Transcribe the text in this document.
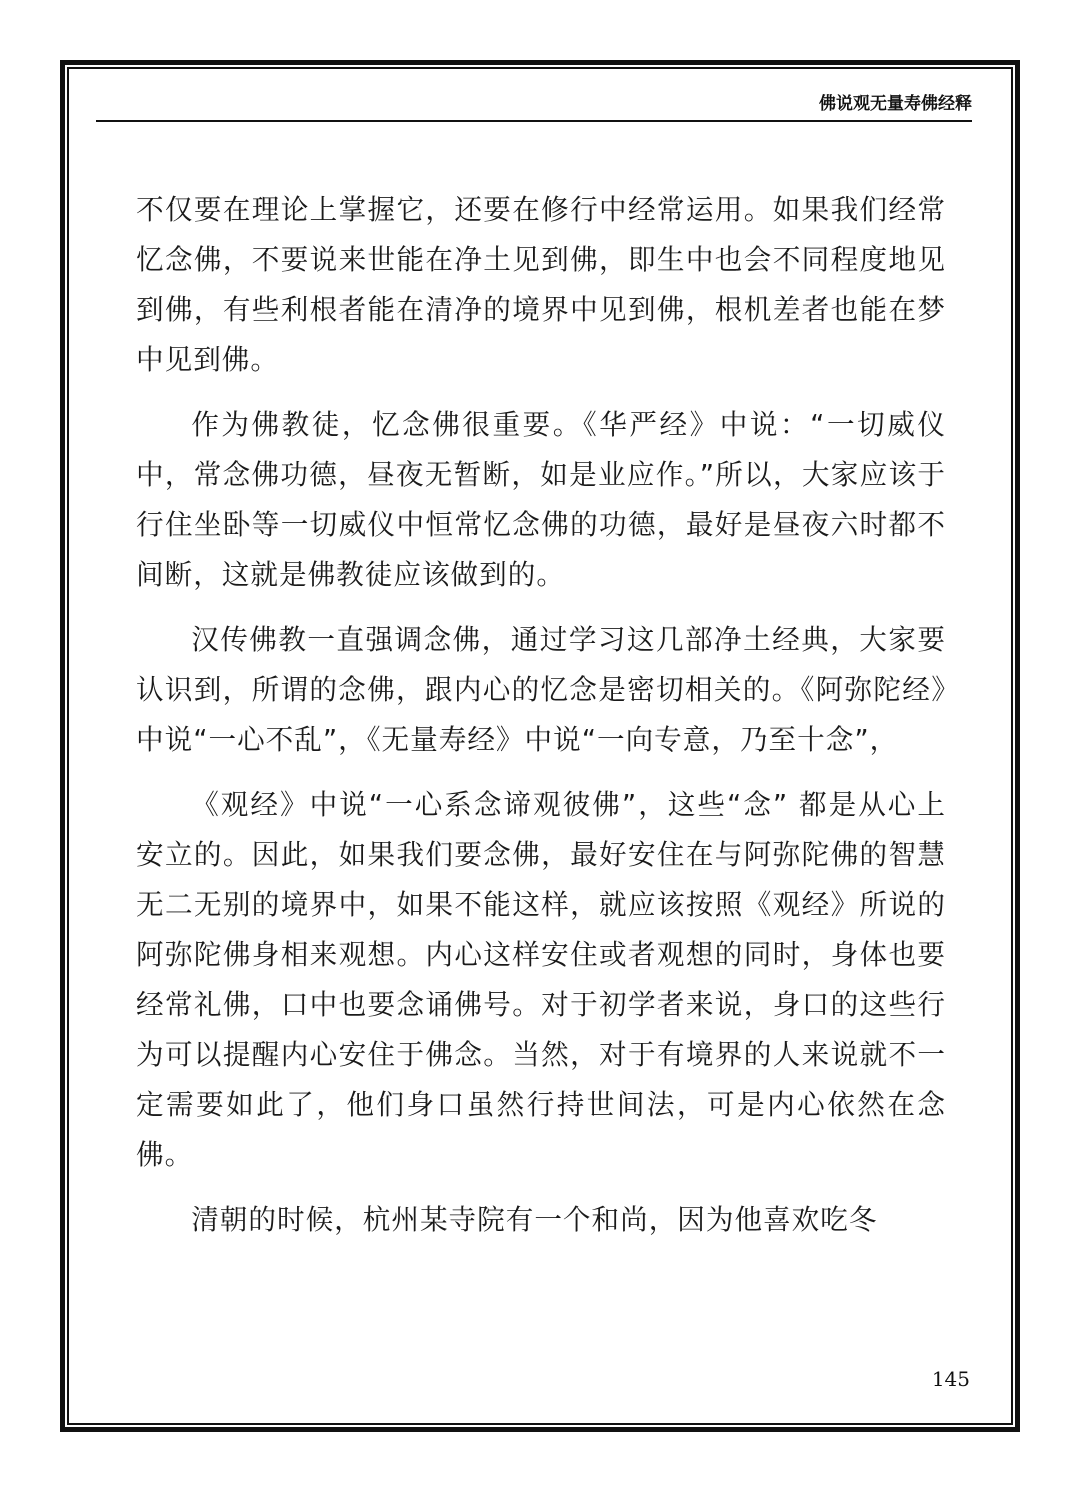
佛说观无量寿佛经释

不仅要在理论上掌握它，还要在修行中经常运用。如果我们经常忆念佛，不要说来世能在净土见到佛，即生中也会不同程度地见到佛，有些利根者能在清净的境界中见到佛，根机差者也能在梦中见到佛。

作为佛教徒，忆念佛很重要。《华严经》中说：“一切威仪中，常念佛功德，昼夜无暂断，如是业应作。”所以，大家应该于行住坐卧等一切威仪中恒常忆念佛的功德，最好是昼夜六时都不间断，这就是佛教徒应该做到的。

汉传佛教一直强调念佛，通过学习这几部净土经典，大家要认识到，所谓的念佛，跟内心的忆念是密切相关的。《阿弥陀经》中说“一心不乱”，《无量寿经》中说“一向专意，乃至十念”，

《观经》中说“一心系念谛观彼佛”，这些“念” 都是从心上安立的。因此，如果我们要念佛，最好安住在与阿弥陀佛的智慧无二无别的境界中，如果不能这样，就应该按照《观经》所说的阿弥陀佛身相来观想。内心这样安住或者观想的同时，身体也要经常礼佛，口中也要念诵佛号。对于初学者来说，身口的这些行为可以提醒内心安住于佛念。当然，对于有境界的人来说就不一定需要如此了，他们身口虽然行持世间法，可是内心依然在念佛。

清朝的时候，杭州某寺院有一个和尚，因为他喜欢吃冬

145
